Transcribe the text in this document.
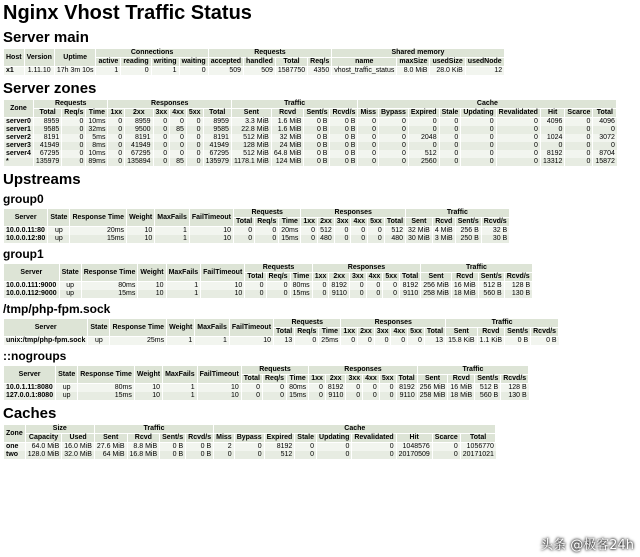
Nginx Vhost Traffic Status
Server main
Host	Version	Uptime	Connections				Requests				Shared memory			
			active	reading	writing	waiting	accepted	handled	Total	Req/s	name	maxSize	usedSize	usedNode
x1	1.11.10	17h 3m 10s	1	0	1	0	509	509	1587750	4350	vhost_traffic_status	8.0 MiB	28.0 KiB	12
Server zones
Zone	Requests			Responses						Traffic				Cache								
	Total	Req/s	Time	1xx	2xx	3xx	4xx	5xx	Total	Sent	Rcvd	Sent/s	Rcvd/s	Miss	Bypass	Expired	Stale	Updating	Revalidated	Hit	Scarce	Total
server0	8959	0	10ms	0	8959	0	0	0	8959	3.3 MiB	1.6 MiB	0 B	0 B	0	0	0	0	0	0	4096	0	4096
server1	9585	0	32ms	0	9500	0	85	0	9585	22.8 MiB	1.6 MiB	0 B	0 B	0	0	0	0	0	0	0	0	0
server2	8191	0	5ms	0	8191	0	0	0	8191	512 MiB	32 MiB	0 B	0 B	0	0	2048	0	0	0	1024	0	3072
server3	41949	0	8ms	0	41949	0	0	0	41949	128 MiB	24 MiB	0 B	0 B	0	0	0	0	0	0	0	0	0
server4	67295	0	10ms	0	67295	0	0	0	67295	512 MiB	64.8 MiB	0 B	0 B	0	0	512	0	0	0	8192	0	8704
*	135979	0	89ms	0	135894	0	85	0	135979	1178.1 MiB	124 MiB	0 B	0 B	0	0	2560	0	0	0	13312	0	15872
Upstreams
group0
Server	State	Response Time	Weight	MaxFails	FailTimeout	Requests			Responses						Traffic			
						Total	Req/s	Time	1xx	2xx	3xx	4xx	5xx	Total	Sent	Rcvd	Sent/s	Rcvd/s
10.0.0.11:80	up	20ms	10	1	10	0	0	20ms	0	512	0	0	0	512	32 MiB	4 MiB	256 B	32 B
10.0.0.12:80	up	15ms	10	1	10	0	0	15ms	0	480	0	0	0	480	30 MiB	3 MiB	250 B	30 B
group1
Server	State	Response Time	Weight	MaxFails	FailTimeout	Requests			Responses						Traffic			
						Total	Req/s	Time	1xx	2xx	3xx	4xx	5xx	Total	Sent	Rcvd	Sent/s	Rcvd/s
10.0.0.111:9000	up	80ms	10	1	10	0	0	80ms	0	8192	0	0	0	8192	256 MiB	16 MiB	512 B	128 B
10.0.0.112:9000	up	15ms	10	1	10	0	0	15ms	0	9110	0	0	0	9110	258 MiB	18 MiB	560 B	130 B
/tmp/php-fpm.sock
Server	State	Response Time	Weight	MaxFails	FailTimeout	Requests			Responses						Traffic			
						Total	Req/s	Time	1xx	2xx	3xx	4xx	5xx	Total	Sent	Rcvd	Sent/s	Rcvd/s
unix:/tmp/php-fpm.sock	up	25ms	1	1	10	13	0	25ms	0	0	0	0	0	13	15.8 KiB	1.1 KiB	0 B	0 B
::nogroups
Server	State	Response Time	Weight	MaxFails	FailTimeout	Requests			Responses						Traffic			
						Total	Req/s	Time	1xx	2xx	3xx	4xx	5xx	Total	Sent	Rcvd	Sent/s	Rcvd/s
10.0.1.11:8080	up	80ms	10	1	10	0	0	80ms	0	8192	0	0	0	8192	256 MiB	16 MiB	512 B	128 B
127.0.0.1:8080	up	15ms	10	1	10	0	0	15ms	0	9110	0	0	0	9110	258 MiB	18 MiB	560 B	130 B
Caches
Zone	Size		Traffic				Cache								
	Capacity	Used	Sent	Rcvd	Sent/s	Rcvd/s	Miss	Bypass	Expired	Stale	Updating	Revalidated	Hit	Scarce	Total
one	64.0 MiB	16.0 MiB	27.6 MiB	8.8 MiB	0 B	0 B	2	0	8192	0	0	0	1048576	0	1056770
two	128.0 MiB	32.0 MiB	64 MiB	16.8 MiB	0 B	0 B	0	0	512	0	0	0	20170509	0	20171021
头条 @极客24h
